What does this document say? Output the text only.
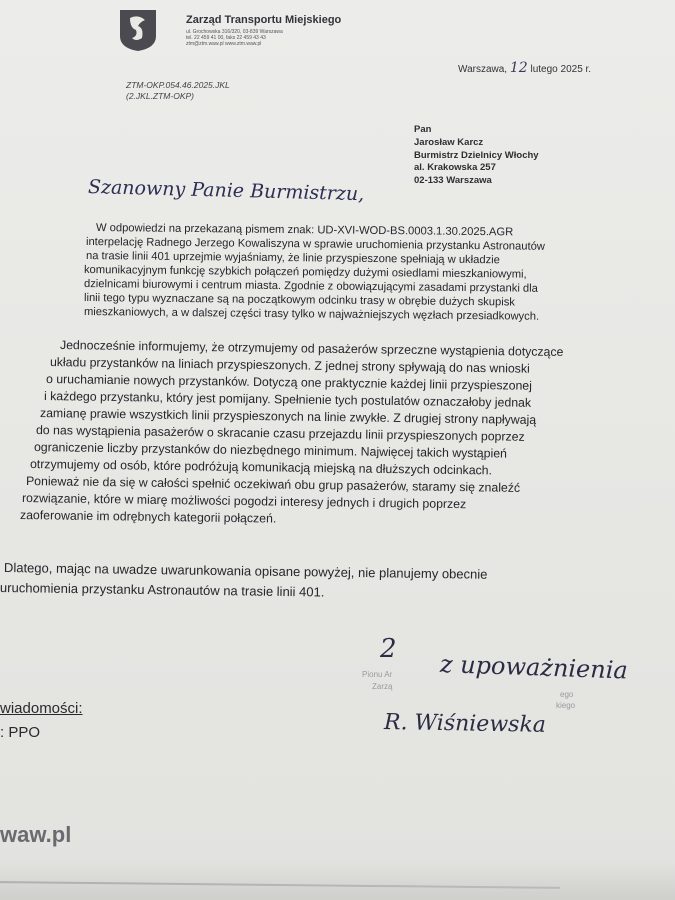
Zarząd Transportu Miejskiego
ul. Grochowska 316/320, 03-839 Warszawa
tel. 22 459 41 00, faks 22 459 43 43
ztm@ztm.waw.pl www.ztm.waw.pl
Warszawa, 12 lutego 2025 r.
ZTM-OKP.054.46.2025.JKL
(2.JKL.ZTM-OKP)
Pan
Jarosław Karcz
Burmistrz Dzielnicy Włochy
al. Krakowska 257
02-133 Warszawa
Szanowny Panie Burmistrzu,
W odpowiedzi na przekazaną pismem znak: UD-XVI-WOD-BS.0003.1.30.2025.AGR
interpelację Radnego Jerzego Kowaliszyna w sprawie uruchomienia przystanku Astronautów
na trasie linii 401 uprzejmie wyjaśniamy, że linie przyspieszone spełniają w układzie
komunikacyjnym funkcję szybkich połączeń pomiędzy dużymi osiedlami mieszkaniowymi,
dzielnicami biurowymi i centrum miasta. Zgodnie z obowiązującymi zasadami przystanki dla
linii tego typu wyznaczane są na początkowym odcinku trasy w obrębie dużych skupisk
mieszkaniowych, a w dalszej części trasy tylko w najważniejszych węzłach przesiadkowych.
Jednocześnie informujemy, że otrzymujemy od pasażerów sprzeczne wystąpienia dotyczące
układu przystanków na liniach przyspieszonych. Z jednej strony spływają do nas wnioski
o uruchamianie nowych przystanków. Dotyczą one praktycznie każdej linii przyspieszonej
i każdego przystanku, który jest pomijany. Spełnienie tych postulatów oznaczałoby jednak
zamianę prawie wszystkich linii przyspieszonych na linie zwykłe. Z drugiej strony napływają
do nas wystąpienia pasażerów o skracanie czasu przejazdu linii przyspieszonych poprzez
ograniczenie liczby przystanków do niezbędnego minimum. Najwięcej takich wystąpień
otrzymujemy od osób, które podróżują komunikacją miejską na dłuższych odcinkach.
Ponieważ nie da się w całości spełnić oczekiwań obu grup pasażerów, staramy się znaleźć
rozwiązanie, które w miarę możliwości pogodzi interesy jednych i drugich poprzez
zaoferowanie im odrębnych kategorii połączeń.
Dlatego, mając na uwadze uwarunkowania opisane powyżej, nie planujemy obecnie
uruchomienia przystanku Astronautów na trasie linii 401.
2
Pionu Ar
Zarzą
ego
kiego
z upoważnienia
R. Wiśniewska
wiadomości:
: PPO
waw.pl
